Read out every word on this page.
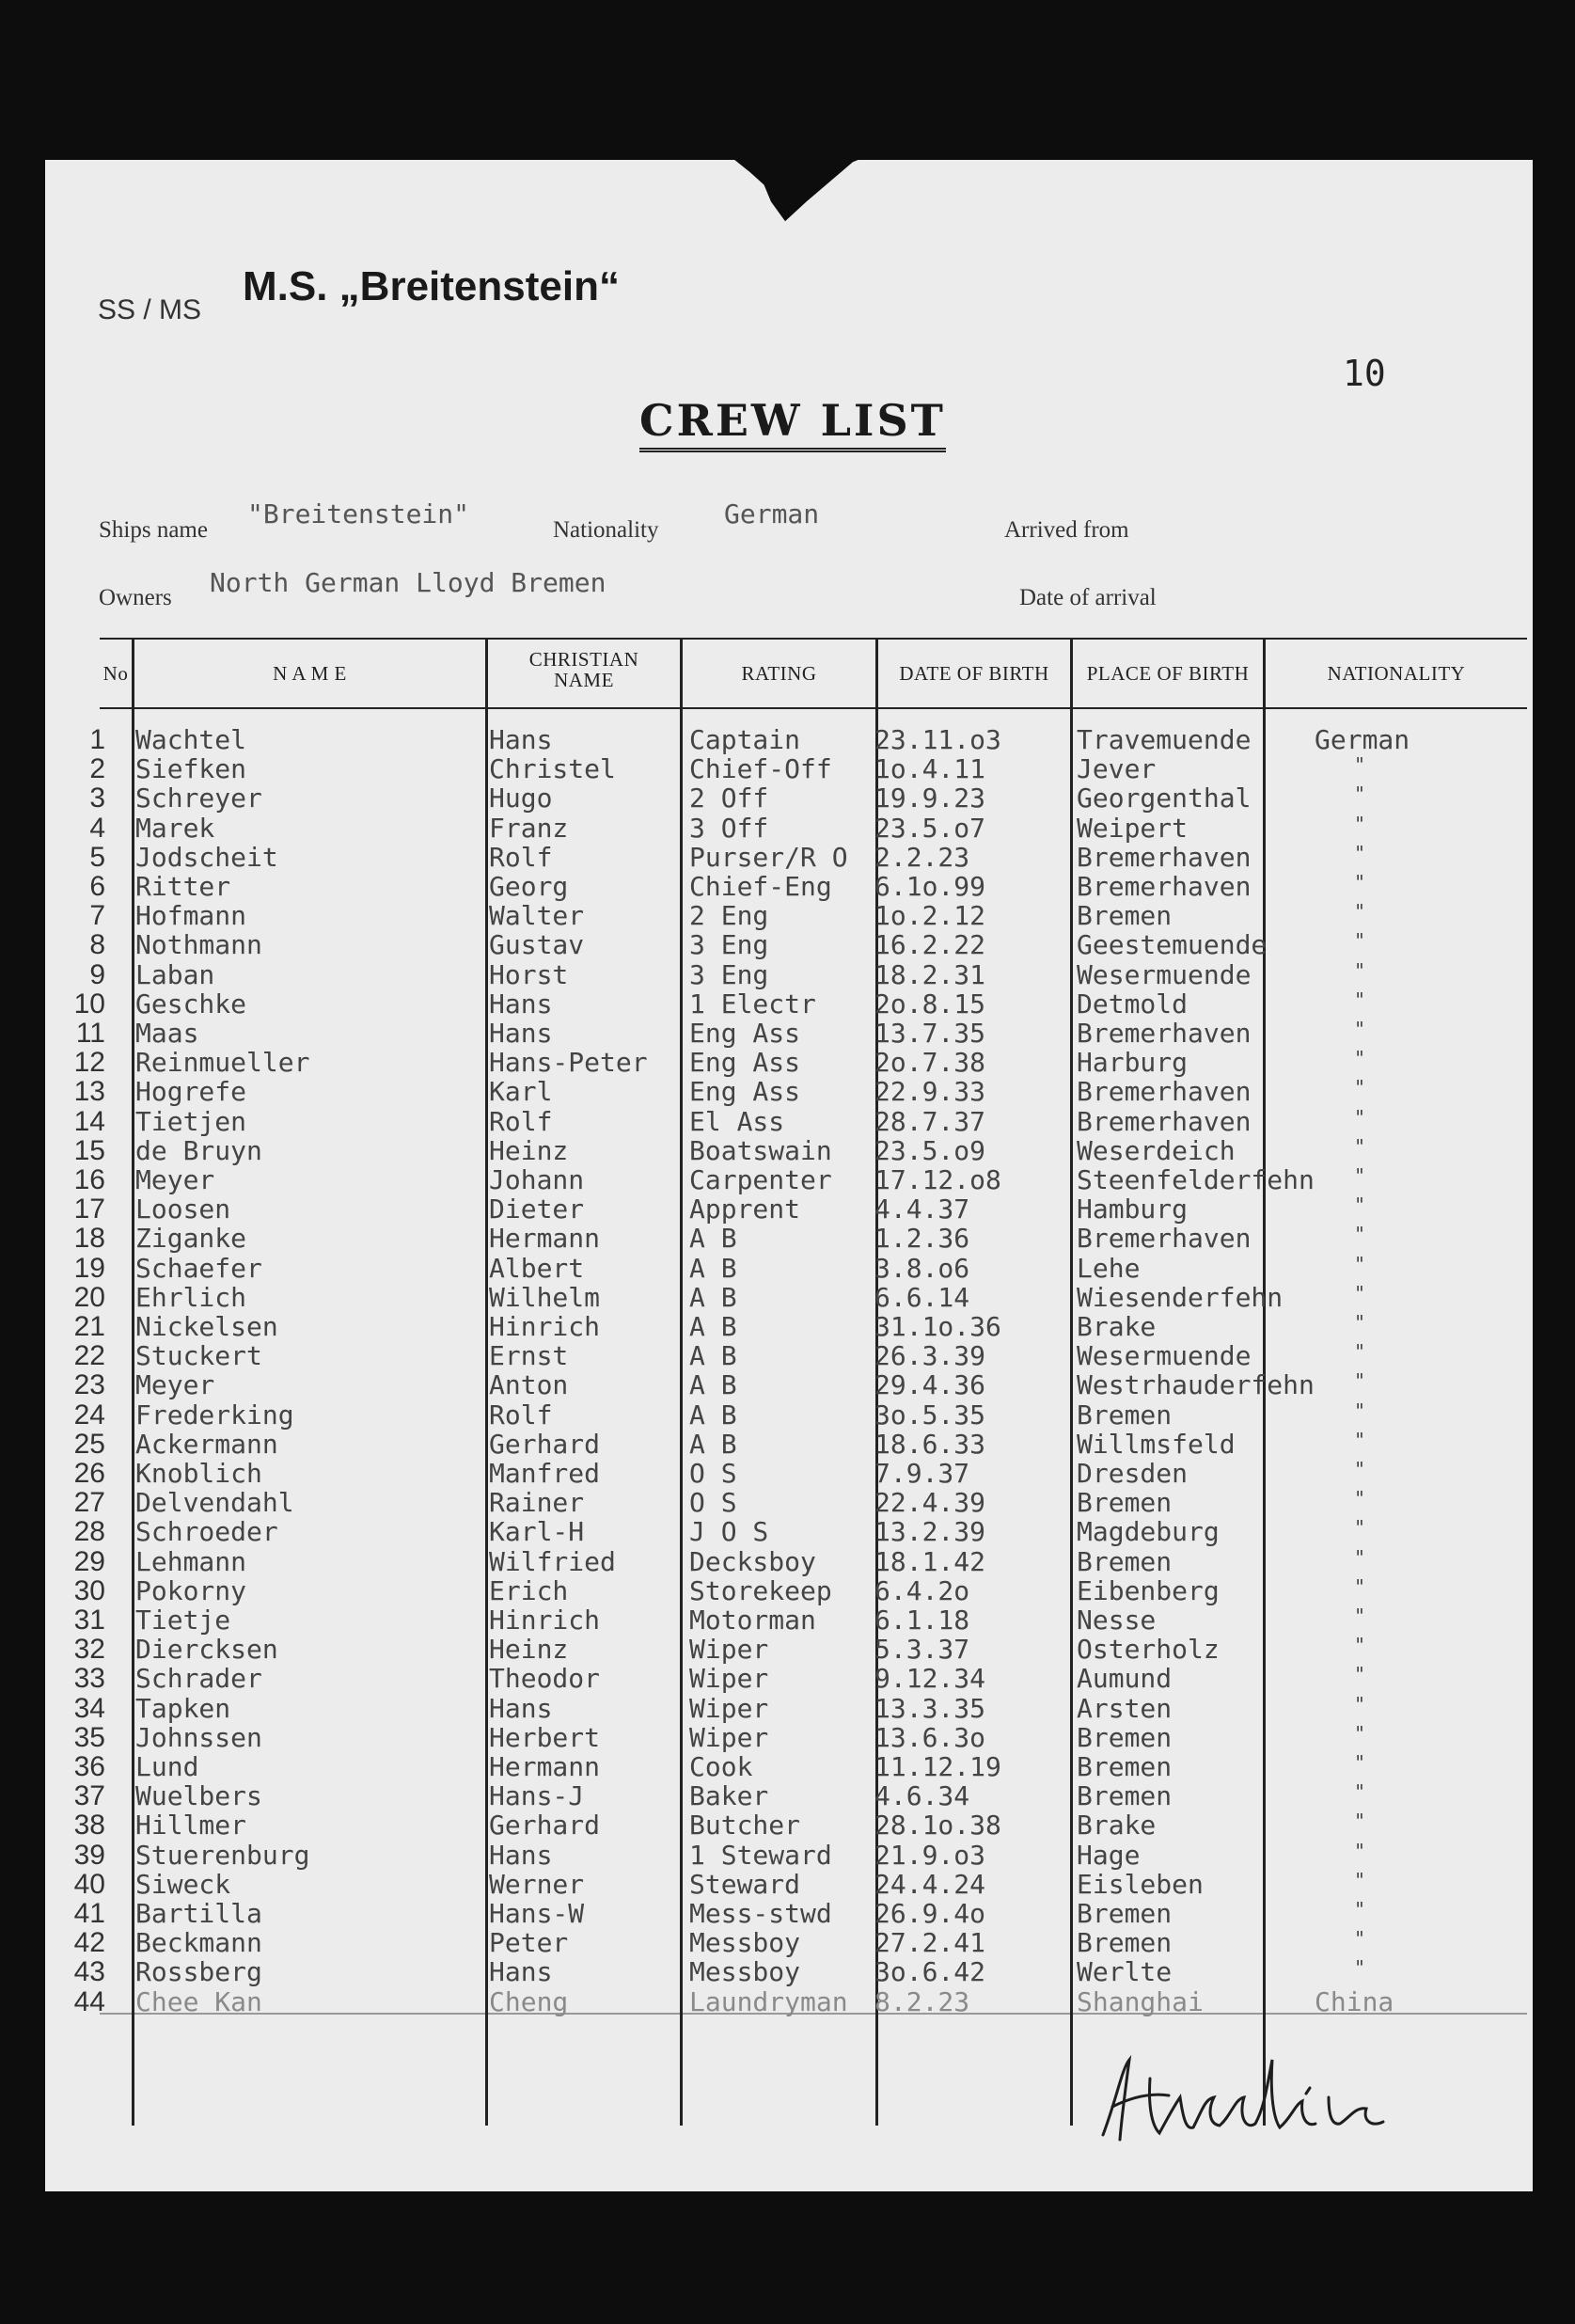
SS / MS
M.S. „Breitenstein“
10
CREW LIST
Ships name
"Breitenstein"
Nationality
German
Arrived from
Owners North German Lloyd Bremen	Date of arrival
No	N A M E
CHRISTIAN
NAME	RATING	DATE OF BIRTH	PLACE OF BIRTH	NATIONALITY
1 Wachtel	Hans	Captain	23.11.o3	Travemuende German
2 Siefken	Christel	Chief-Off 1o.4.11	Jever	"
3 Schreyer	Hugo	2 Off	19.9.23	Georgenthal	"
4 Marek	Franz	3 Off	23.5.o7	Weipert	"
5 Jodscheit	Rolf	Purser/R O 2.2.23	Bremerhaven	"
6 Ritter	Georg	Chief-Eng 6.1o.99	Bremerhaven	"
7 Hofmann	Walter	2 Eng	1o.2.12	Bremen	"
8 Nothmann	Gustav	3 Eng	16.2.22	Geestemuende	"
9 Laban	Horst	3 Eng	18.2.31	Wesermuende	"
10 Geschke	Hans	1 Electr 2o.8.15	Detmold	"
11 Maas	Hans	Eng Ass	13.7.35	Bremerhaven	"
12 Reinmueller	Hans-Peter Eng Ass	2o.7.38	Harburg	"
13 Hogrefe	Karl	Eng Ass	22.9.33	Bremerhaven	"
14 Tietjen	Rolf	El Ass	28.7.37	Bremerhaven	"
15 de Bruyn	Heinz	Boatswain 23.5.o9	Weserdeich	"
16 Meyer	Johann	Carpenter 17.12.o8	Steenfelderfehn "
17 Loosen	Dieter	Apprent	4.4.37	Hamburg	"
18 Ziganke	Hermann	A B	1.2.36	Bremerhaven	"
19 Schaefer	Albert	A B	3.8.o6	Lehe	"
20 Ehrlich	Wilhelm	A B	6.6.14	Wiesenderfehn	"
21 Nickelsen	Hinrich	A B	31.1o.36	Brake	"
22 Stuckert	Ernst	A B	26.3.39	Wesermuende	"
23 Meyer	Anton	A B	29.4.36	Westrhauderfehn "
24 Frederking	Rolf	A B	3o.5.35	Bremen	"
25 Ackermann	Gerhard	A B	18.6.33	Willmsfeld	"
26 Knoblich	Manfred	O S	7.9.37	Dresden	"
27 Delvendahl	Rainer	O S	22.4.39	Bremen	"
28 Schroeder	Karl-H	J O S	13.2.39	Magdeburg	"
29 Lehmann	Wilfried	Decksboy 18.1.42	Bremen	"
30 Pokorny	Erich	Storekeep 6.4.2o	Eibenberg	"
31 Tietje	Hinrich	Motorman 6.1.18	Nesse	"
32 Diercksen	Heinz	Wiper	5.3.37	Osterholz	"
33 Schrader	Theodor	Wiper	9.12.34	Aumund	"
34 Tapken	Hans	Wiper	13.3.35	Arsten	"
35 Johnssen	Herbert	Wiper	13.6.3o	Bremen	"
36 Lund	Hermann	Cook	11.12.19	Bremen	"
37 Wuelbers	Hans-J	Baker	4.6.34	Bremen	"
38 Hillmer	Gerhard	Butcher	28.1o.38	Brake	"
39 Stuerenburg	Hans	1 Steward 21.9.o3	Hage	"
40 Siweck	Werner	Steward	24.4.24	Eisleben	"
41 Bartilla	Hans-W	Mess-stwd 26.9.4o	Bremen	"
42 Beckmann	Peter	Messboy	27.2.41	Bremen	"
43 Rossberg	Hans	Messboy	3o.6.42	Werlte	"
44 Chee Kan	Cheng	Laundryman 8.2.23	Shanghai	China
